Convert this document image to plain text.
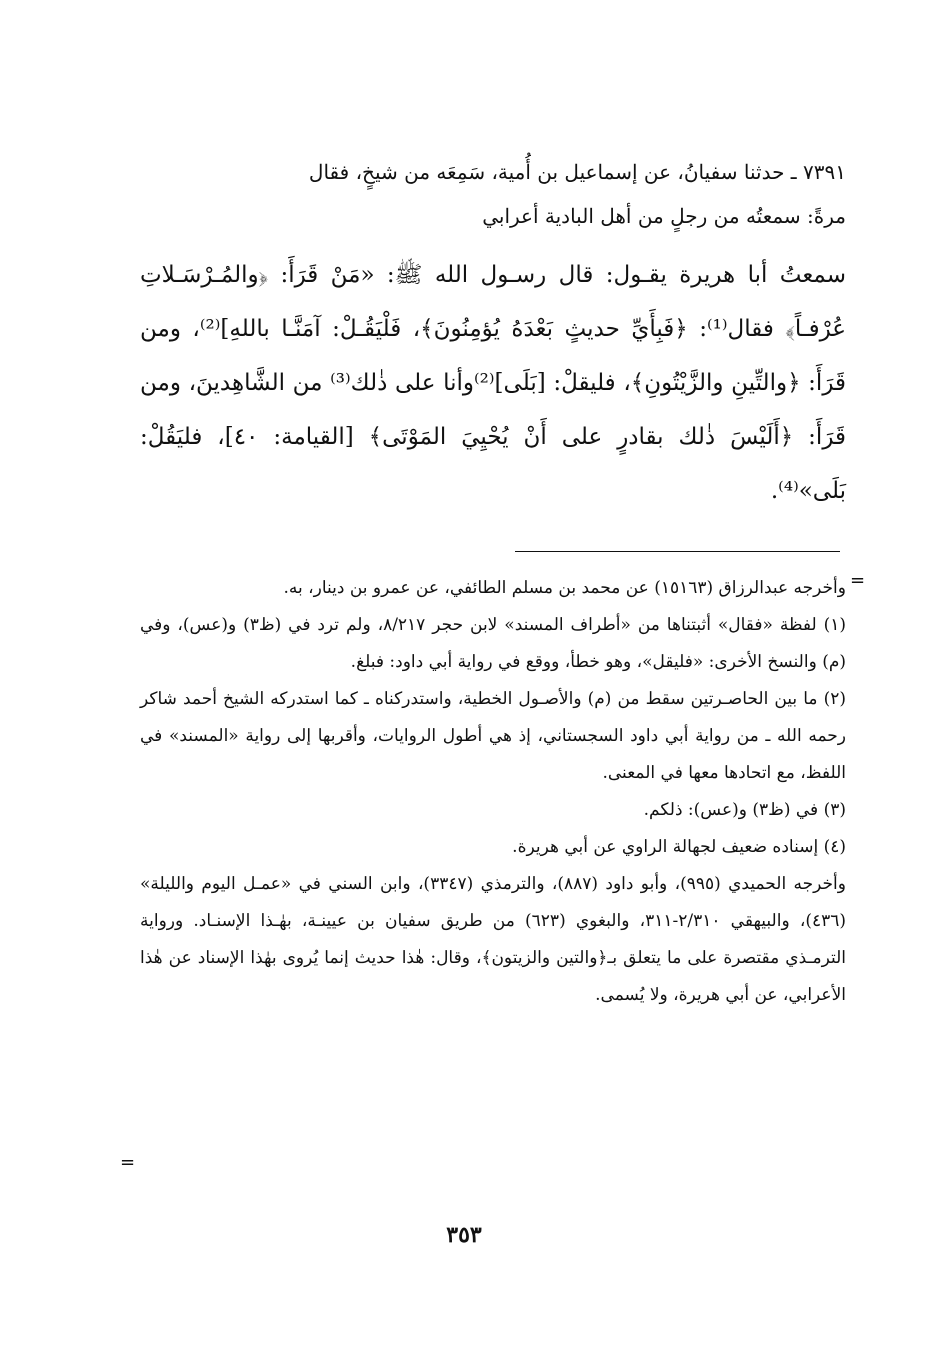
٧٣٩١ ـ حدثنا سفيانُ، عن إسماعيل بن أُمية، سَمِعَه من شيخٍ، فقال

مرةً: سمعتُه من رجلٍ من أهل البادية أعرابي

سمعتُ أبا هريرة يقـول: قال رسـول الله ﷺ: «مَنْ قَرَأَ: ﴿والمُـرْسَـلاتِ عُرْفـاً﴾ فقال⁽¹⁾: ﴿فَبِأَيِّ حديثٍ بَعْدَهُ يُؤمِنُونَ﴾، فَلْيَقُـلْ: آمَنَّـا باللهِ]⁽²⁾، ومن قَرَأَ: ﴿والتِّينِ والزَّيْتُونِ﴾، فليقلْ: [بَلَى]⁽²⁾وأنا على ذٰلك⁽³⁾ من الشَّاهِدينَ، ومن قَرَأَ: ﴿أَلَيْسَ ذٰلك بقادرٍ على أَنْ يُحْيِيَ المَوْتَى﴾ [القيامة: ٤٠]، فليَقُلْ: بَلَى»⁽⁴⁾.

=

وأخرجه عبدالرزاق (١٥١٦٣) عن محمد بن مسلم الطائفي، عن عمرو بن دينار، به.

(١) لفظة «فقال» أثبتناها من «أطراف المسند» لابن حجر ٨/٢١٧، ولم ترد في (ظ٣) و(عس)، وفي (م) والنسخ الأخرى: «فليقل»، وهو خطأ، ووقع في رواية أبي داود: فبلغ.

(٢) ما بين الحاصـرتين سقط من (م) والأصـول الخطية، واستدركناه ـ كما استدركه الشيخ أحمد شاكر رحمه الله ـ من رواية أبي داود السجستاني، إذ هي أطول الروايات، وأقربها إلى رواية «المسند» في اللفظ، مع اتحادها معها في المعنى.

(٣) في (ظ٣) و(عس): ذلكم.

(٤) إسناده ضعيف لجهالة الراوي عن أبي هريرة.

وأخرجه الحميدي (٩٩٥)، وأبو داود (٨٨٧)، والترمذي (٣٣٤٧)، وابن السني في «عمـل اليوم والليلة» (٤٣٦)، والبيهقي ٢/٣١٠-٣١١، والبغوي (٦٢٣) من طريق سفيان بن عيينـة، بهٰـذا الإسنـاد. ورواية الترمـذي مقتصرة على ما يتعلق بـ﴿والتين والزيتون﴾، وقال: هٰذا حديث إنما يُروى بهٰذا الإسناد عن هٰذا الأعرابي، عن أبي هريرة، ولا يُسمى.

=
٣٥٣
